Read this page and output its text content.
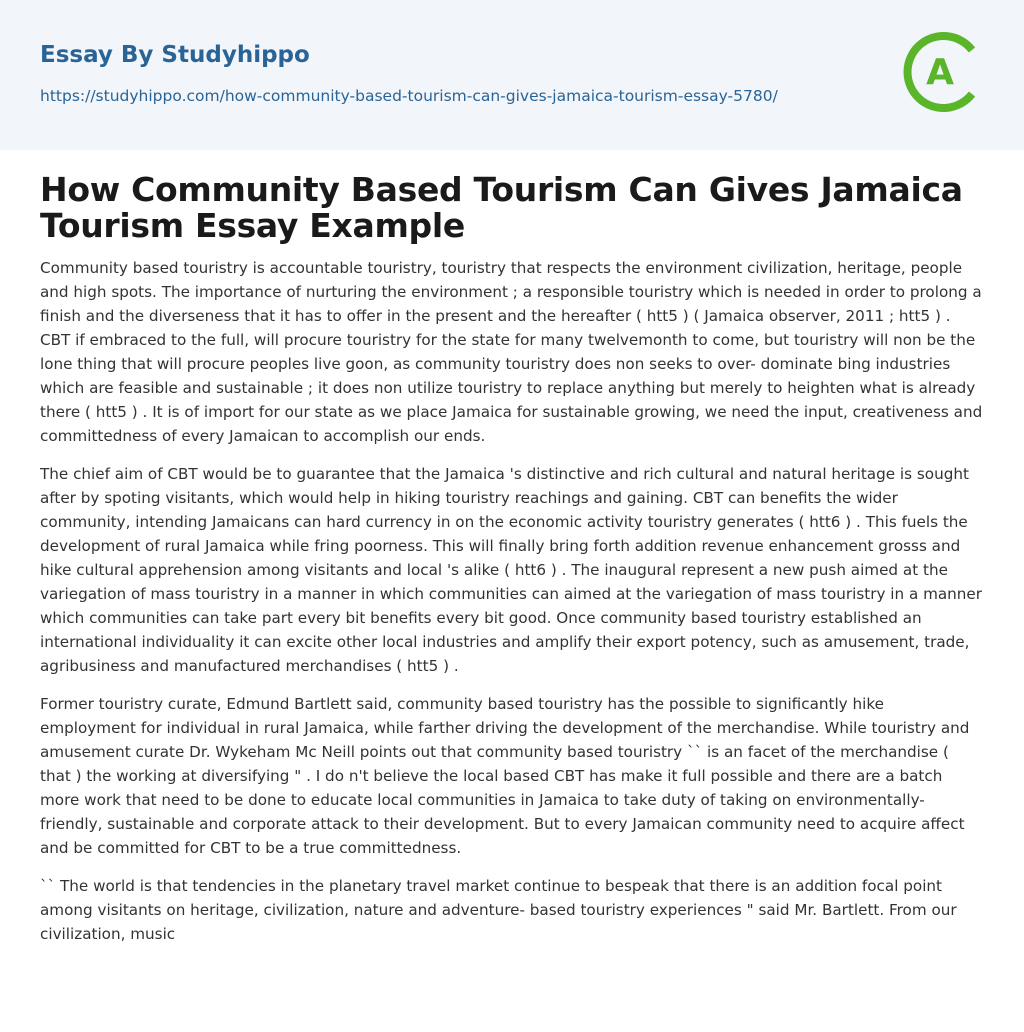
Essay By Studyhippo
https://studyhippo.com/how-community-based-tourism-can-gives-jamaica-tourism-essay-5780/
A
How Community Based Tourism Can Gives Jamaica Tourism Essay Example

Community based touristry is accountable touristry, touristry that respects the environment civilization, heritage, people and high spots. The importance of nurturing the environment ; a responsible touristry which is needed in order to prolong a finish and the diverseness that it has to offer in the present and the hereafter ( htt5 ) ( Jamaica observer, 2011 ; htt5 ) . CBT if embraced to the full, will procure touristry for the state for many twelvemonth to come, but touristry will non be the lone thing that will procure peoples live goon, as community touristry does non seeks to over- dominate bing industries which are feasible and sustainable ; it does non utilize touristry to replace anything but merely to heighten what is already there ( htt5 ) . It is of import for our state as we place Jamaica for sustainable growing, we need the input, creativeness and committedness of every Jamaican to accomplish our ends.

The chief aim of CBT would be to guarantee that the Jamaica 's distinctive and rich cultural and natural heritage is sought after by spoting visitants, which would help in hiking touristry reachings and gaining. CBT can benefits the wider community, intending Jamaicans can hard currency in on the economic activity touristry generates ( htt6 ) . This fuels the development of rural Jamaica while fring poorness. This will finally bring forth addition revenue enhancement grosss and hike cultural apprehension among visitants and local 's alike ( htt6 ) . The inaugural represent a new push aimed at the variegation of mass touristry in a manner in which communities can aimed at the variegation of mass touristry in a manner which communities can take part every bit benefits every bit good. Once community based touristry established an international individuality it can excite other local industries and amplify their export potency, such as amusement, trade, agribusiness and manufactured merchandises ( htt5 ) .

Former touristry curate, Edmund Bartlett said, community based touristry has the possible to significantly hike employment for individual in rural Jamaica, while farther driving the development of the merchandise. While touristry and amusement curate Dr. Wykeham Mc Neill points out that community based touristry `` is an facet of the merchandise ( that ) the working at diversifying " . I do n't believe the local based CBT has make it full possible and there are a batch more work that need to be done to educate local communities in Jamaica to take duty of taking on environmentally- friendly, sustainable and corporate attack to their development. But to every Jamaican community need to acquire affect and be committed for CBT to be a true committedness.

`` The world is that tendencies in the planetary travel market continue to bespeak that there is an addition focal point among visitants on heritage, civilization, nature and adventure- based touristry experiences " said Mr. Bartlett. From our civilization, music
